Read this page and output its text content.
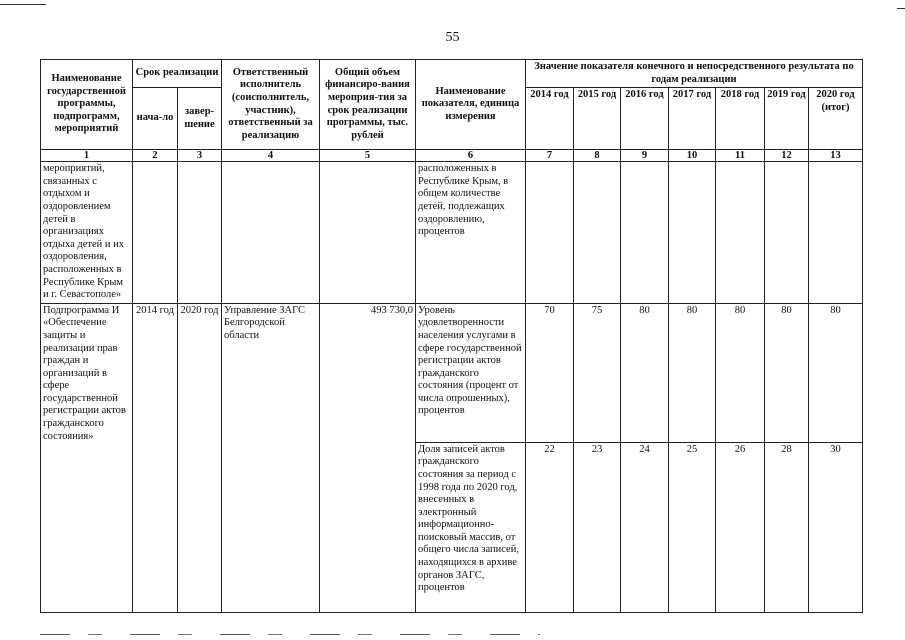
55
Наименование государственной программы, подпрограмм, мероприятий	Срок реализации		Ответственный исполнитель (соисполнитель, участник), ответственный за реализацию	Общий объем финансиро-вания мероприя-тия за срок реализации программы, тыс. рублей	Наименование показателя, единица измерения	Значение показателя конечного и непосредственного результата по годам реализации						
	нача-ло	завер-шение				2014 год	2015 год	2016 год	2017 год	2018 год	2019 год	2020 год (итог)
1	2	3	4	5	6	7	8	9	10	11	12	13
мероприятий, связанных с отдыхом и оздоровлением детей в организациях отдыха детей и их оздоровления, расположенных в Республике Крым и г. Севастополе»					расположенных в Республике Крым, в общем количестве детей, подлежащих оздоровлению, процентов							
Подпрограмма И «Обеспечение защиты и реализации прав граждан и организаций в сфере государственной регистрации актов гражданского состояния»	2014 год	2020 год	Управление ЗАГС Белгородской области	493 730,0	Уровень удовлетворенности населения услугами в сфере государственной регистрации актов гражданского состояния (процент от числа опрошенных), процентов	70	75	80	80	80	80	80
					Доля записей актов гражданского состояния за период с 1998 года по 2020 год, внесенных в электронный информационно-поисковый массив, от общего числа записей, находящихся в архиве органов ЗАГС, процентов	22	23	24	25	26	28	30
